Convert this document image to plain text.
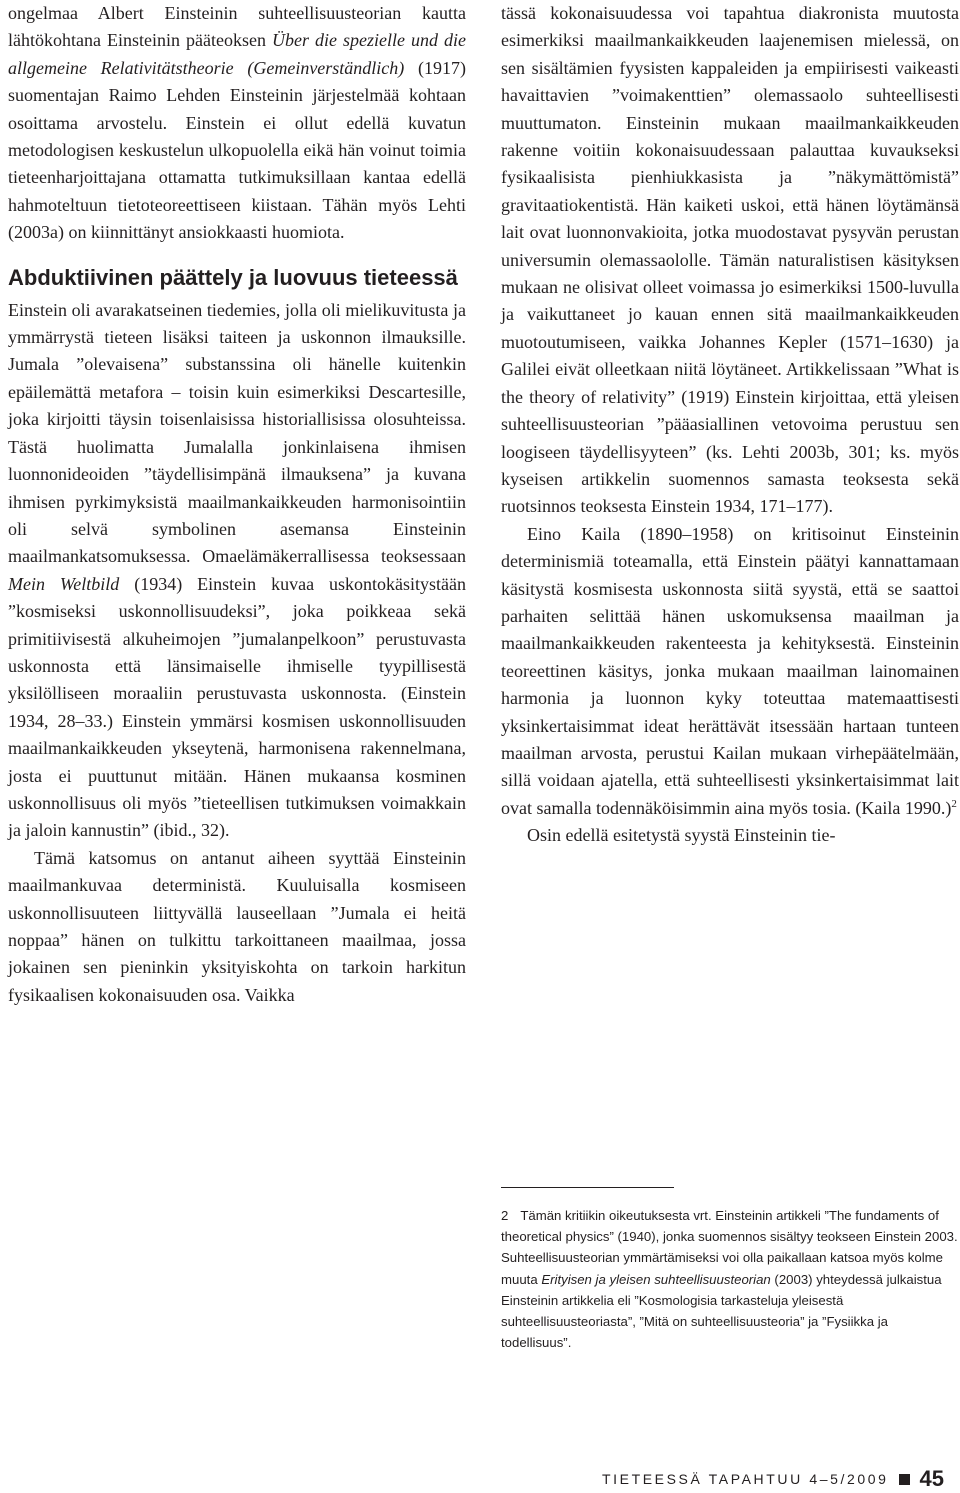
ongelmaa Albert Einsteinin suhteellisuusteorian kautta lähtökohtana Einsteinin pääteoksen Über die spezielle und die allgemeine Relativitätstheorie (Gemeinverständlich) (1917) suomentajan Raimo Lehden Einsteinin järjestelmää kohtaan osoittama arvostelu. Einstein ei ollut edellä kuvatun metodologisen keskustelun ulkopuolella eikä hän voinut toimia tieteenharjoittajana ottamatta tutkimuksillaan kantaa edellä hahmoteltuun tietoteoreettiseen kiistaan. Tähän myös Lehti (2003a) on kiinnittänyt ansiokkaasti huomiota.

Abduktiivinen päättely ja luovuus tieteessä

Einstein oli avarakatseinen tiedemies, jolla oli mielikuvitusta ja ymmärrystä tieteen lisäksi taiteen ja uskonnon ilmauksille. Jumala ”olevaisena” substanssina oli hänelle kuitenkin epäilemättä metafora – toisin kuin esimerkiksi Descartesille, joka kirjoitti täysin toisenlaisissa historiallisissa olosuhteissa. Tästä huolimatta Jumalalla jonkinlaisena ihmisen luonnonideoiden ”täydellisimpänä ilmauksena” ja kuvana ihmisen pyrkimyksistä maailmankaikkeuden harmonisointiin oli selvä symbolinen asemansa Einsteinin maailmankatsomuksessa. Omaelämäkerrallisessa teoksessaan Mein Weltbild (1934) Einstein kuvaa uskontokäsitystään ”kosmiseksi uskonnollisuudeksi”, joka poikkeaa sekä primitiivisestä alkuheimojen ”jumalanpelkoon” perustuvasta uskonnosta että länsimaiselle ihmiselle tyypillisestä yksilölliseen moraaliin perustuvasta uskonnosta. (Einstein 1934, 28–33.) Einstein ymmärsi kosmisen uskonnollisuuden maailmankaikkeuden ykseytenä, harmonisena rakennelmana, josta ei puuttunut mitään. Hänen mukaansa kosminen uskonnollisuus oli myös ”tieteellisen tutkimuksen voimakkain ja jaloin kannustin” (ibid., 32).

Tämä katsomus on antanut aiheen syyttää Einsteinin maailmankuvaa deterministä. Kuuluisalla kosmiseen uskonnollisuuteen liittyvällä lauseellaan ”Jumala ei heitä noppaa” hänen on tulkittu tarkoittaneen maailmaa, jossa jokainen sen pieninkin yksityiskohta on tarkoin harkitun fysikaalisen kokonaisuuden osa. Vaikka

tässä kokonaisuudessa voi tapahtua diakronista muutosta esimerkiksi maailmankaikkeuden laajenemisen mielessä, on sen sisältämien fyysisten kappaleiden ja empiirisesti vaikeasti havaittavien ”voimakenttien” olemassaolo suhteellisesti muuttumaton. Einsteinin mukaan maailmankaikkeuden rakenne voitiin kokonaisuudessaan palauttaa kuvaukseksi fysikaalisista pienhiukkasista ja ”näkymättömistä” gravitaatiokentistä. Hän kaiketi uskoi, että hänen löytämänsä lait ovat luonnonvakioita, jotka muodostavat pysyvän perustan universumin olemassaololle. Tämän naturalistisen käsityksen mukaan ne olisivat olleet voimassa jo esimerkiksi 1500-luvulla ja vaikuttaneet jo kauan ennen sitä maailmankaikkeuden muotoutumiseen, vaikka Johannes Kepler (1571–1630) ja Galilei eivät olleetkaan niitä löytäneet. Artikkelissaan ”What is the theory of relativity” (1919) Einstein kirjoittaa, että yleisen suhteellisuusteorian ”pääasiallinen vetovoima perustuu sen loogiseen täydellisyyteen” (ks. Lehti 2003b, 301; ks. myös kyseisen artikkelin suomennos samasta teoksesta sekä ruotsinnos teoksesta Einstein 1934, 171–177).

Eino Kaila (1890–1958) on kritisoinut Einsteinin determinismiä toteamalla, että Einstein päätyi kannattamaan käsitystä kosmisesta uskonnosta siitä syystä, että se saattoi parhaiten selittää hänen uskomuksensa maailman ja maailmankaikkeuden rakenteesta ja kehityksestä. Einsteinin teoreettinen käsitys, jonka mukaan maailman lainomainen harmonia ja luonnon kyky toteuttaa matemaattisesti yksinkertaisimmat ideat herättävät itsessään hartaan tunteen maailman arvosta, perustui Kailan mukaan virhepäätelmään, sillä voidaan ajatella, että suhteellisesti yksinkertaisimmat lait ovat samalla todennäköisimmin aina myös tosia. (Kaila 1990.)$^2$

Osin edellä esitetystä syystä Einsteinin tie-

2 Tämän kritiikin oikeutuksesta vrt. Einsteinin artikkeli ”The fundaments of theoretical physics” (1940), jonka suomennos sisältyy teokseen Einstein 2003. Suhteellisuusteorian ymmärtämiseksi voi olla paikallaan katsoa myös kolme muuta Erityisen ja yleisen suhteellisuusteorian (2003) yhteydessä julkaistua Einsteinin artikkelia eli ”Kosmologisia tarkasteluja yleisestä suhteellisuusteoriasta”, ”Mitä on suhteellisuusteoria” ja ”Fysiikka ja todellisuus”.
TIETEESSÄ TAPAHTUU 4–5/2009 45
